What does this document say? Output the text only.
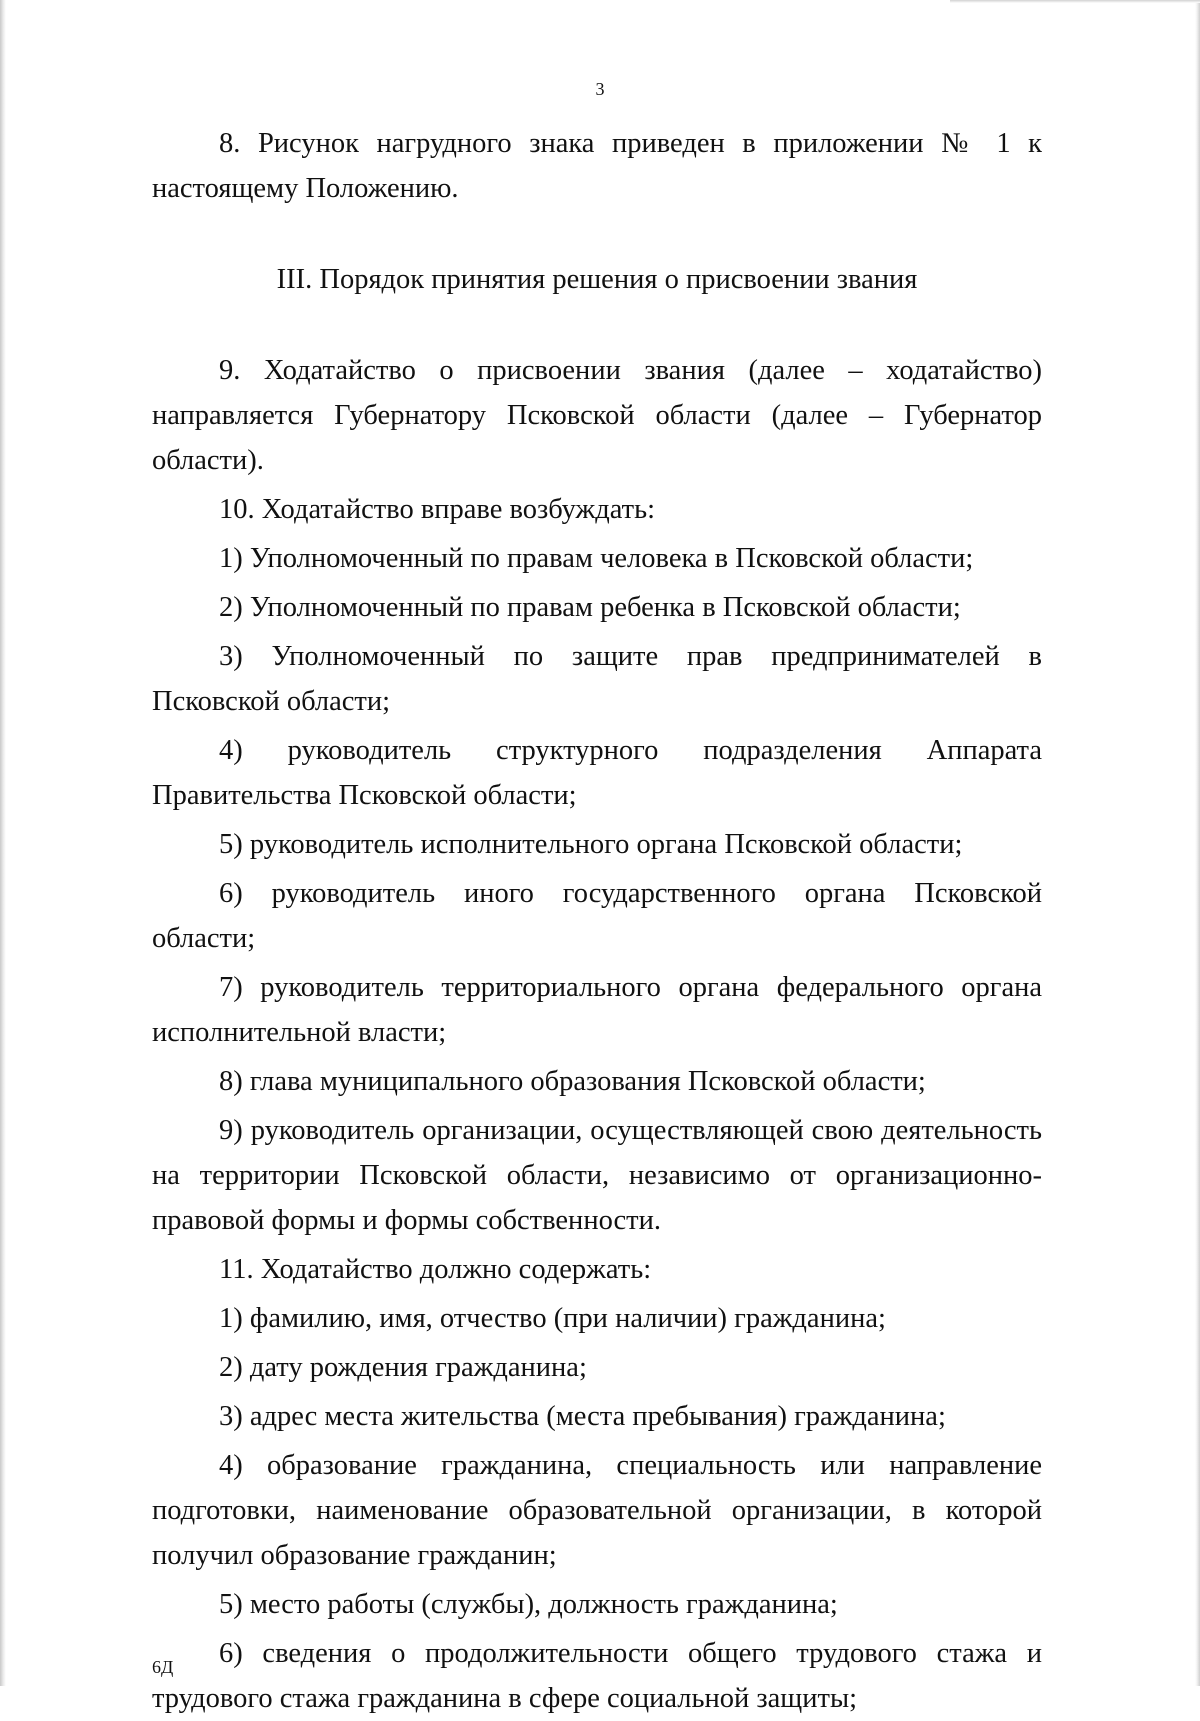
3

8. Рисунок нагрудного знака приведен в приложении № 1 к настоящему Положению.

III. Порядок принятия решения о присвоении звания

9. Ходатайство о присвоении звания (далее – ходатайство) направляется Губернатору Псковской области (далее – Губернатор области).

10. Ходатайство вправе возбуждать:

1) Уполномоченный по правам человека в Псковской области;

2) Уполномоченный по правам ребенка в Псковской области;

3) Уполномоченный по защите прав предпринимателей в Псковской области;

4) руководитель структурного подразделения Аппарата Правительства Псковской области;

5) руководитель исполнительного органа Псковской области;

6) руководитель иного государственного органа Псковской области;

7) руководитель территориального органа федерального органа исполнительной власти;

8) глава муниципального образования Псковской области;

9) руководитель организации, осуществляющей свою деятельность на территории Псковской области, независимо от организационно-правовой формы и формы собственности.

11. Ходатайство должно содержать:

1) фамилию, имя, отчество (при наличии) гражданина;

2) дату рождения гражданина;

3) адрес места жительства (места пребывания) гражданина;

4) образование гражданина, специальность или направление подготовки, наименование образовательной организации, в которой получил образование гражданин;

5) место работы (службы), должность гражданина;

6) сведения о продолжительности общего трудового стажа и трудового стажа гражданина в сфере социальной защиты;

6Д
